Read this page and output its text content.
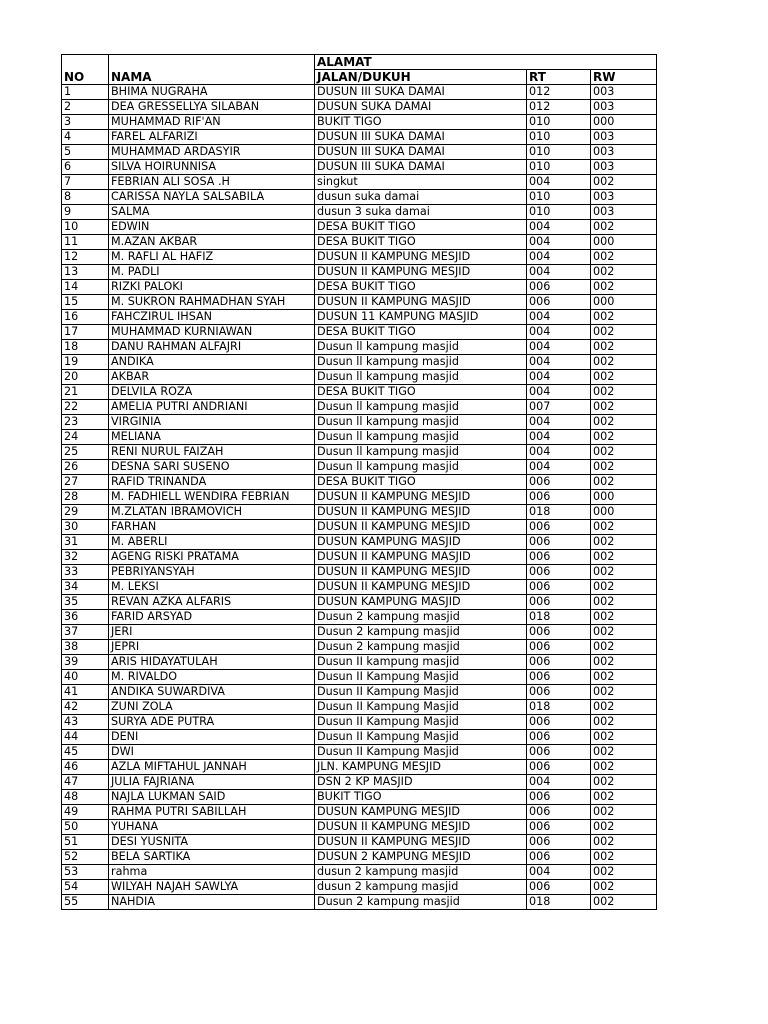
NO	NAMA	ALAMAT		
		JALAN/DUKUH	RT	RW
1	BHIMA NUGRAHA	DUSUN III SUKA DAMAI	012	003
2	DEA GRESSELLYA SILABAN	DUSUN SUKA DAMAI	012	003
3	MUHAMMAD RIF'AN	BUKIT TIGO	010	000
4	FAREL ALFARIZI	DUSUN III SUKA DAMAI	010	003
5	MUHAMMAD ARDASYIR	DUSUN III SUKA DAMAI	010	003
6	SILVA HOIRUNNISA	DUSUN III SUKA DAMAI	010	003
7	FEBRIAN ALI SOSA .H	singkut	004	002
8	CARISSA NAYLA SALSABILA	dusun suka damai	010	003
9	SALMA	dusun 3 suka damai	010	003
10	EDWIN	DESA BUKIT TIGO	004	002
11	M.AZAN AKBAR	DESA BUKIT TIGO	004	000
12	M. RAFLI AL HAFIZ	DUSUN II KAMPUNG MESJID	004	002
13	M. PADLI	DUSUN II KAMPUNG MESJID	004	002
14	RIZKI PALOKI	DESA BUKIT TIGO	006	002
15	M. SUKRON RAHMADHAN SYAH	DUSUN II KAMPUNG MASJID	006	000
16	FAHCZIRUL IHSAN	DUSUN 11 KAMPUNG MASJID	004	002
17	MUHAMMAD KURNIAWAN	DESA BUKIT TIGO	004	002
18	DANU RAHMAN ALFAJRI	Dusun ll kampung masjid	004	002
19	ANDIKA	Dusun ll kampung masjid	004	002
20	AKBAR	Dusun ll kampung masjid	004	002
21	DELVILA ROZA	DESA BUKIT TIGO	004	002
22	AMELIA PUTRI ANDRIANI	Dusun ll kampung masjid	007	002
23	VIRGINIA	Dusun ll kampung masjid	004	002
24	MELIANA	Dusun ll kampung masjid	004	002
25	RENI NURUL FAIZAH	Dusun ll kampung masjid	004	002
26	DESNA SARI SUSENO	Dusun ll kampung masjid	004	002
27	RAFID TRINANDA	DESA BUKIT TIGO	006	002
28	M. FADHIELL WENDIRA FEBRIAN	DUSUN II KAMPUNG MESJID	006	000
29	M.ZLATAN IBRAMOVICH	DUSUN II KAMPUNG MESJID	018	000
30	FARHAN	DUSUN II KAMPUNG MESJID	006	002
31	M. ABERLI	DUSUN KAMPUNG MASJID	006	002
32	AGENG RISKI PRATAMA	DUSUN II KAMPUNG MASJID	006	002
33	PEBRIYANSYAH	DUSUN II KAMPUNG MESJID	006	002
34	M. LEKSI	DUSUN II KAMPUNG MESJID	006	002
35	REVAN AZKA ALFARIS	DUSUN KAMPUNG MASJID	006	002
36	FARID ARSYAD	Dusun 2 kampung masjid	018	002
37	JERI	Dusun 2 kampung masjid	006	002
38	JEPRI	Dusun 2 kampung masjid	006	002
39	ARIS HIDAYATULAH	Dusun II kampung masjid	006	002
40	M. RIVALDO	Dusun II Kampung Masjid	006	002
41	ANDIKA SUWARDIVA	Dusun II Kampung Masjid	006	002
42	ZUNI ZOLA	Dusun II Kampung Masjid	018	002
43	SURYA ADE PUTRA	Dusun II Kampung Masjid	006	002
44	DENI	Dusun II Kampung Masjid	006	002
45	DWI	Dusun II Kampung Masjid	006	002
46	AZLA MIFTAHUL JANNAH	JLN. KAMPUNG MESJID	006	002
47	JULIA FAJRIANA	DSN 2 KP MASJID	004	002
48	NAJLA LUKMAN SAID	BUKIT TIGO	006	002
49	RAHMA PUTRI SABILLAH	DUSUN KAMPUNG MESJID	006	002
50	YUHANA	DUSUN II KAMPUNG MESJID	006	002
51	DESI YUSNITA	DUSUN II KAMPUNG MESJID	006	002
52	BELA SARTIKA	DUSUN 2 KAMPUNG MESJID	006	002
53	rahma	dusun 2 kampung masjid	004	002
54	WILYAH NAJAH SAWLYA	dusun 2 kampung masjid	006	002
55	NAHDIA	Dusun 2 kampung masjid	018	002
